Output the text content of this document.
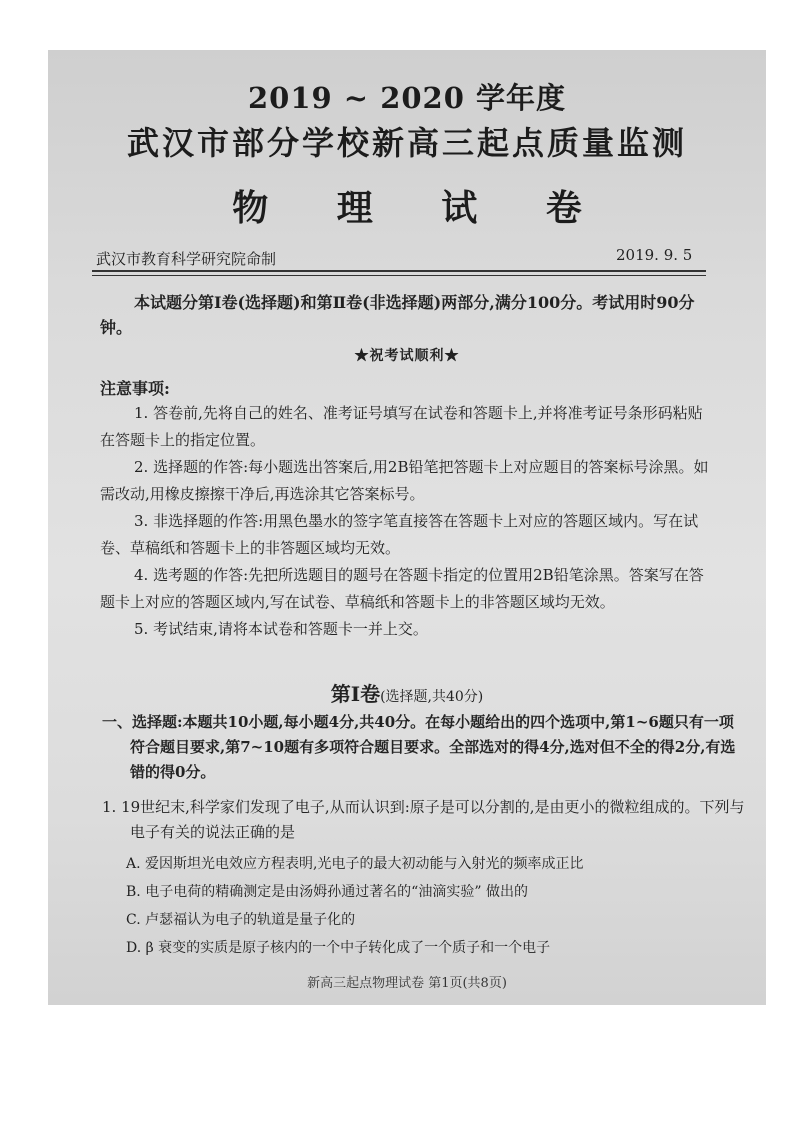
2019 ~ 2020 学年度
武汉市部分学校新高三起点质量监测
物 理 试 卷
武汉市教育科学研究院命制	2019. 9. 5
本试题分第Ⅰ卷(选择题)和第Ⅱ卷(非选择题)两部分,满分100分。考试用时90分钟。
★祝考试顺利★
注意事项:

1. 答卷前,先将自己的姓名、准考证号填写在试卷和答题卡上,并将准考证号条形码粘贴在答题卡上的指定位置。

2. 选择题的作答:每小题选出答案后,用2B铅笔把答题卡上对应题目的答案标号涂黑。如需改动,用橡皮擦擦干净后,再选涂其它答案标号。

3. 非选择题的作答:用黑色墨水的签字笔直接答在答题卡上对应的答题区域内。写在试卷、草稿纸和答题卡上的非答题区域均无效。

4. 选考题的作答:先把所选题目的题号在答题卡指定的位置用2B铅笔涂黑。答案写在答题卡上对应的答题区域内,写在试卷、草稿纸和答题卡上的非答题区域均无效。

5. 考试结束,请将本试卷和答题卡一并上交。

第Ⅰ卷(选择题,共40分)
一、选择题:本题共10小题,每小题4分,共40分。在每小题给出的四个选项中,第1~6题只有一项符合题目要求,第7~10题有多项符合题目要求。全部选对的得4分,选对但不全的得2分,有选错的得0分。
1. 19世纪末,科学家们发现了电子,从而认识到:原子是可以分割的,是由更小的微粒组成的。下列与电子有关的说法正确的是

A. 爱因斯坦光电效应方程表明,光电子的最大初动能与入射光的频率成正比

B. 电子电荷的精确测定是由汤姆孙通过著名的“油滴实验” 做出的

C. 卢瑟福认为电子的轨道是量子化的

D. β 衰变的实质是原子核内的一个中子转化成了一个质子和一个电子

新高三起点物理试卷 第1页(共8页)
